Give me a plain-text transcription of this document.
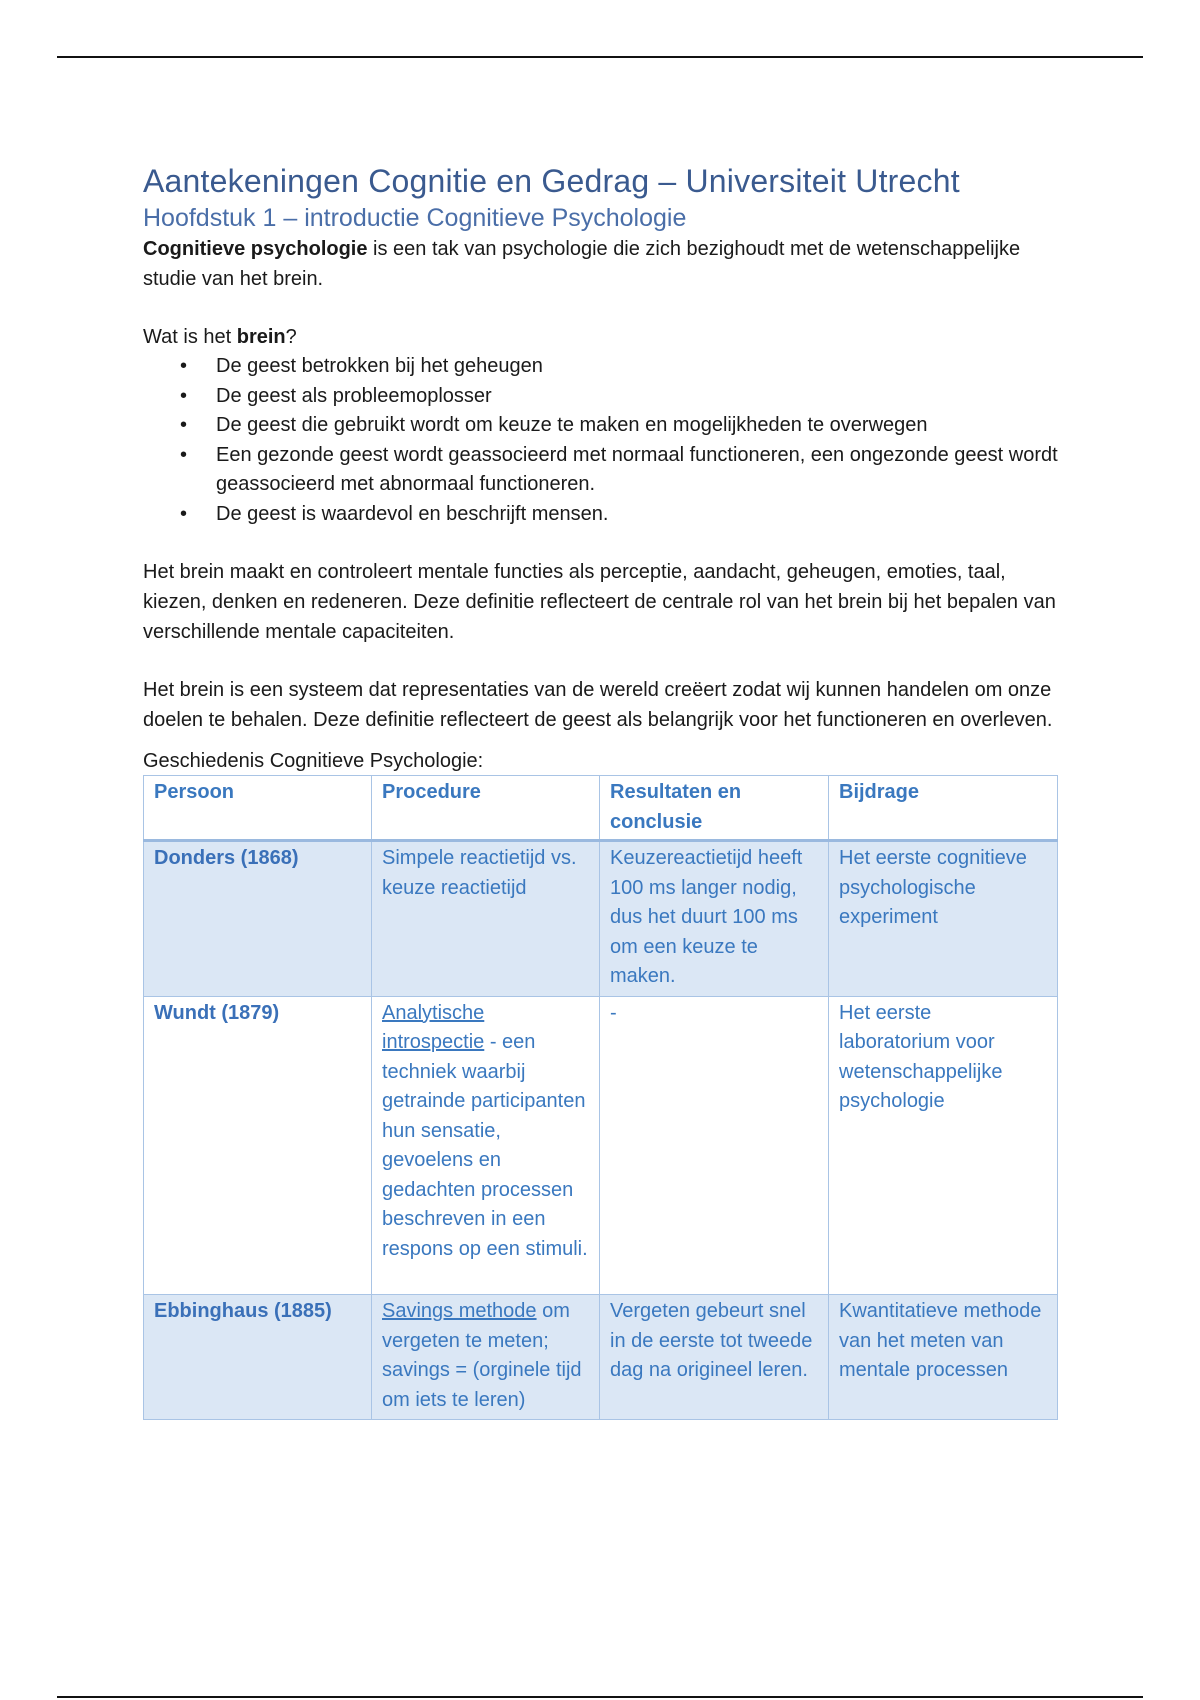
Aantekeningen Cognitie en Gedrag – Universiteit Utrecht
Hoofdstuk 1 – introductie Cognitieve Psychologie

Cognitieve psychologie is een tak van psychologie die zich bezighoudt met de wetenschappelijke studie van het brein.

Wat is het brein?

• De geest betrokken bij het geheugen
• De geest als probleemoplosser
• De geest die gebruikt wordt om keuze te maken en mogelijkheden te overwegen
• Een gezonde geest wordt geassocieerd met normaal functioneren, een ongezonde geest wordt geassocieerd met abnormaal functioneren.
• De geest is waardevol en beschrijft mensen.

Het brein maakt en controleert mentale functies als perceptie, aandacht, geheugen, emoties, taal, kiezen, denken en redeneren. Deze definitie reflecteert de centrale rol van het brein bij het bepalen van verschillende mentale capaciteiten.

Het brein is een systeem dat representaties van de wereld creëert zodat wij kunnen handelen om onze doelen te behalen. Deze definitie reflecteert de geest als belangrijk voor het functioneren en overleven.

Geschiedenis Cognitieve Psychologie:
Persoon	Procedure	Resultaten en conclusie	Bijdrage
Donders (1868)	Simpele reactietijd vs. keuze reactietijd	Keuzereactietijd heeft 100 ms langer nodig, dus het duurt 100 ms om een keuze te maken.	Het eerste cognitieve psychologische experiment
Wundt (1879)	Analytische introspectie - een techniek waarbij getrainde participanten hun sensatie, gevoelens en gedachten processen beschreven in een respons op een stimuli.	-	Het eerste laboratorium voor wetenschappelijke psychologie
Ebbinghaus (1885)	Savings methode om vergeten te meten; savings = (orginele tijd om iets te leren)	Vergeten gebeurt snel in de eerste tot tweede dag na origineel leren.	Kwantitatieve methode van het meten van mentale processen
